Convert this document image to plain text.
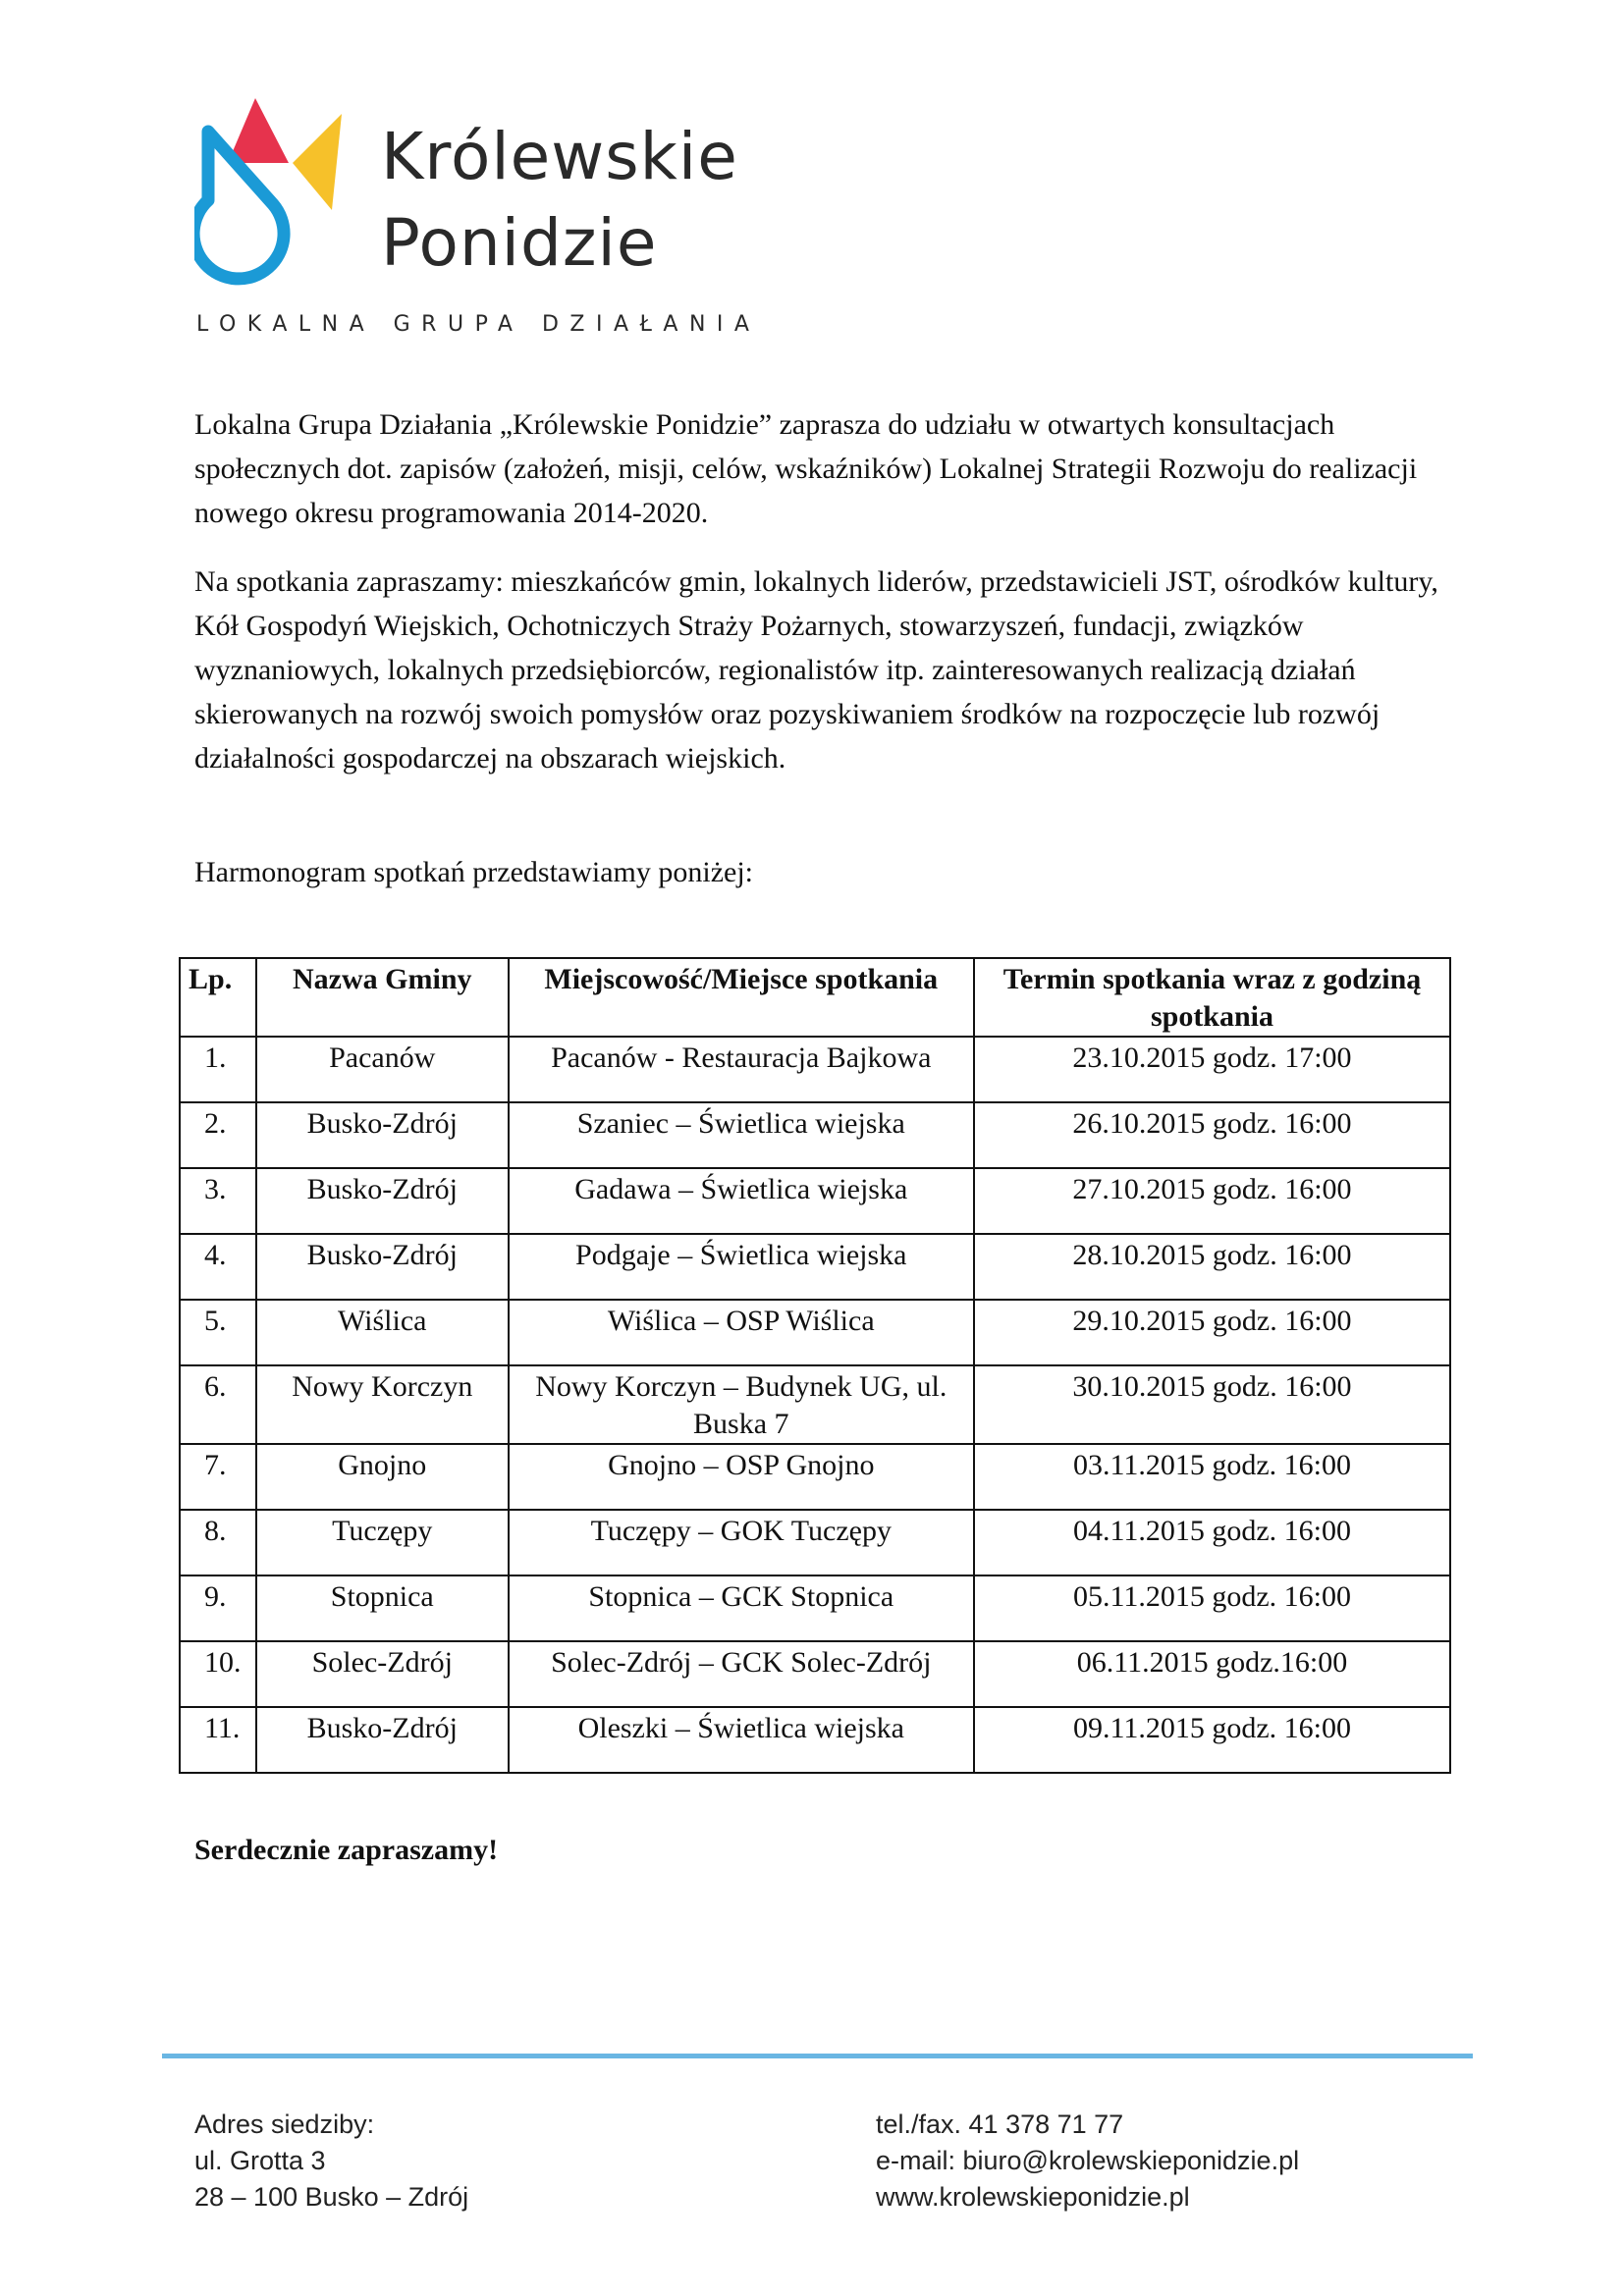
Królewskie
Ponidzie
LOKALNA GRUPA DZIAŁANIA

Lokalna Grupa Działania „Królewskie Ponidzie” zaprasza do udziału w otwartych konsultacjach społecznych dot. zapisów (założeń, misji, celów, wskaźników) Lokalnej Strategii Rozwoju do realizacji nowego okresu programowania 2014-2020.

Na spotkania zapraszamy: mieszkańców gmin, lokalnych liderów, przedstawicieli JST, ośrodków kultury, Kół Gospodyń Wiejskich, Ochotniczych Straży Pożarnych, stowarzyszeń, fundacji, związków wyznaniowych, lokalnych przedsiębiorców, regionalistów itp. zainteresowanych realizacją działań skierowanych na rozwój swoich pomysłów oraz pozyskiwaniem środków na rozpoczęcie lub rozwój działalności gospodarczej na obszarach wiejskich.

Harmonogram spotkań przedstawiamy poniżej:

Lp.	Nazwa Gminy	Miejscowość/Miejsce spotkania	Termin spotkania wraz z godziną spotkania
1.	Pacanów	Pacanów - Restauracja Bajkowa	23.10.2015 godz. 17:00
2.	Busko-Zdrój	Szaniec – Świetlica wiejska	26.10.2015 godz. 16:00
3.	Busko-Zdrój	Gadawa – Świetlica wiejska	27.10.2015 godz. 16:00
4.	Busko-Zdrój	Podgaje – Świetlica wiejska	28.10.2015 godz. 16:00
5.	Wiślica	Wiślica – OSP Wiślica	29.10.2015 godz. 16:00
6.	Nowy Korczyn	Nowy Korczyn – Budynek UG, ul. Buska 7	30.10.2015 godz. 16:00
7.	Gnojno	Gnojno – OSP Gnojno	03.11.2015 godz. 16:00
8.	Tuczępy	Tuczępy – GOK Tuczępy	04.11.2015 godz. 16:00
9.	Stopnica	Stopnica – GCK Stopnica	05.11.2015 godz. 16:00
10.	Solec-Zdrój	Solec-Zdrój – GCK Solec-Zdrój	06.11.2015 godz.16:00
11.	Busko-Zdrój	Oleszki – Świetlica wiejska	09.11.2015 godz. 16:00

Serdecznie zapraszamy!

Adres siedziby:
ul. Grotta 3
28 – 100 Busko – Zdrój
tel./fax. 41 378 71 77
e-mail: biuro@krolewskieponidzie.pl
www.krolewskieponidzie.pl
